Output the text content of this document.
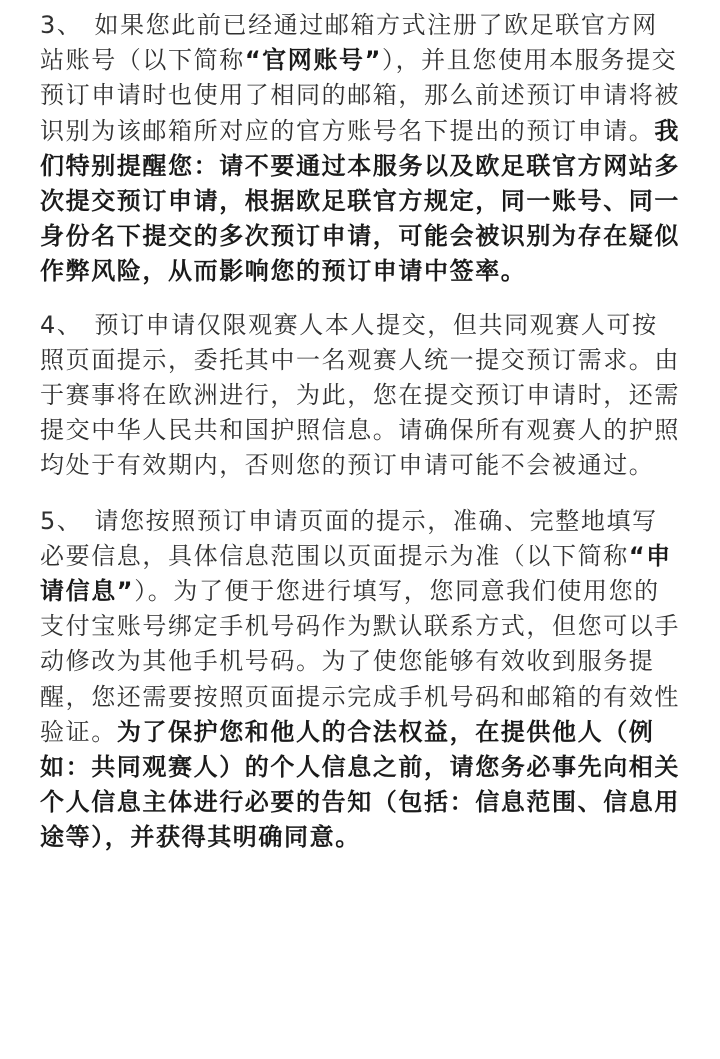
3、 如果您此前已经通过邮箱方式注册了欧足联官方网站账号（以下简称“官网账号”），并且您使用本服务提交预订申请时也使用了相同的邮箱，那么前述预订申请将被识别为该邮箱所对应的官方账号名下提出的预订申请。我们特别提醒您：请不要通过本服务以及欧足联官方网站多次提交预订申请，根据欧足联官方规定，同一账号、同一身份名下提交的多次预订申请，可能会被识别为存在疑似作弊风险，从而影响您的预订申请中签率。

4、 预订申请仅限观赛人本人提交，但共同观赛人可按照页面提示，委托其中一名观赛人统一提交预订需求。由于赛事将在欧洲进行，为此，您在提交预订申请时，还需提交中华人民共和国护照信息。请确保所有观赛人的护照均处于有效期内，否则您的预订申请可能不会被通过。

5、 请您按照预订申请页面的提示，准确、完整地填写必要信息，具体信息范围以页面提示为准（以下简称“申请信息”）。为了便于您进行填写，您同意我们使用您的支付宝账号绑定手机号码作为默认联系方式，但您可以手动修改为其他手机号码。为了使您能够有效收到服务提醒，您还需要按照页面提示完成手机号码和邮箱的有效性验证。为了保护您和他人的合法权益，在提供他人（例如：共同观赛人）的个人信息之前，请您务必事先向相关个人信息主体进行必要的告知（包括：信息范围、信息用途等），并获得其明确同意。
